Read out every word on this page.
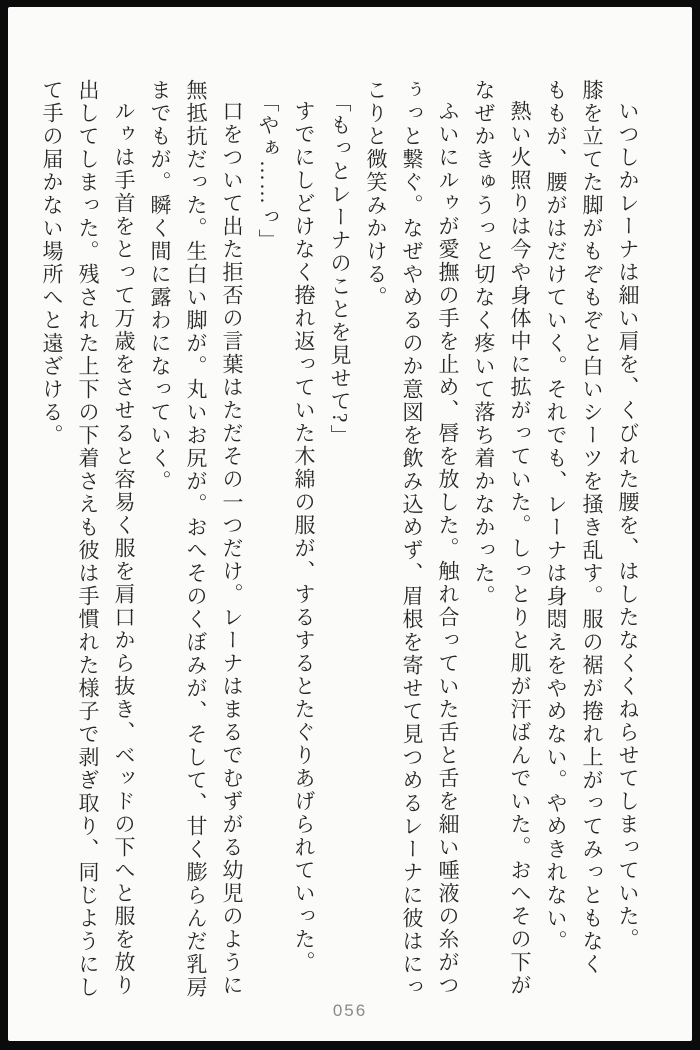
いつしかレーナは細い肩を、くびれた腰を、はしたなくくねらせてしまっていた。

膝を立てた脚がもぞもぞと白いシーツを掻き乱す。服の裾が捲れ上がってみっともなく

ももが、腰がはだけていく。それでも、レーナは身悶えをやめない。やめきれない。

熱い火照りは今や身体中に拡がっていた。しっとりと肌が汗ばんでいた。おへその下が

なぜかきゅうっと切なく疼いて落ち着かなかった。

ふいにルゥが愛撫の手を止め、唇を放した。触れ合っていた舌と舌を細い唾液の糸がつ

ぅっと繋ぐ。なぜやめるのか意図を飲み込めず、眉根を寄せて見つめるレーナに彼はにっ

こりと微笑みかける。

「もっとレーナのことを見せて?」

すでにしどけなく捲れ返っていた木綿の服が、するするとたぐりあげられていった。

「やぁ……っ」

口をついて出た拒否の言葉はただその一つだけ。レーナはまるでむずがる幼児のように

無抵抗だった。生白い脚が。丸いお尻が。おへそのくぼみが、そして、甘く膨らんだ乳房

までもが。瞬く間に露わになっていく。

ルゥは手首をとって万歳をさせると容易く服を肩口から抜き、ベッドの下へと服を放り

出してしまった。残された上下の下着さえも彼は手慣れた様子で剥ぎ取り、同じようにし

て手の届かない場所へと遠ざける。

056
